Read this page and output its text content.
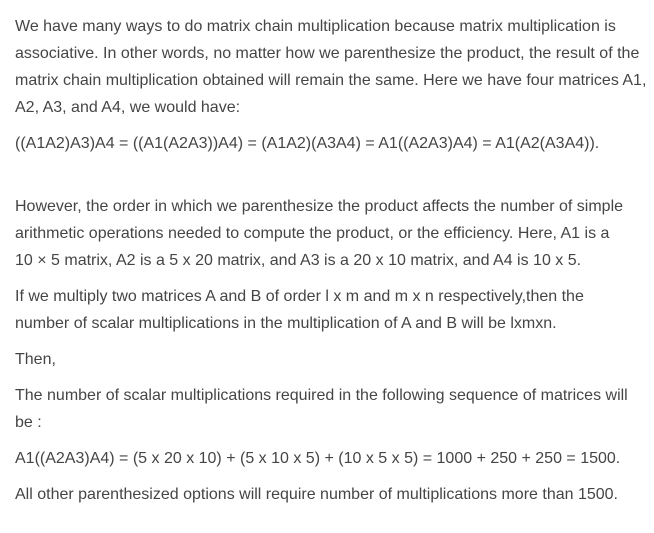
We have many ways to do matrix chain multiplication because matrix multiplication is associative. In other words, no matter how we parenthesize the product, the result of the matrix chain multiplication obtained will remain the same. Here we have four matrices A1, A2, A3, and A4, we would have:

((A1A2)A3)A4 = ((A1(A2A3))A4) = (A1A2)(A3A4) = A1((A2A3)A4) = A1(A2(A3A4)).

However, the order in which we parenthesize the product affects the number of simple arithmetic operations needed to compute the product, or the efficiency. Here, A1 is a 10 × 5 matrix, A2 is a 5 x 20 matrix, and A3 is a 20 x 10 matrix, and A4 is 10 x 5.

If we multiply two matrices A and B of order l x m and m x n respectively,then the number of scalar multiplications in the multiplication of A and B will be lxmxn.

Then,

The number of scalar multiplications required in the following sequence of matrices will be :

A1((A2A3)A4) = (5 x 20 x 10) + (5 x 10 x 5) + (10 x 5 x 5) = 1000 + 250 + 250 = 1500.

All other parenthesized options will require number of multiplications more than 1500.
